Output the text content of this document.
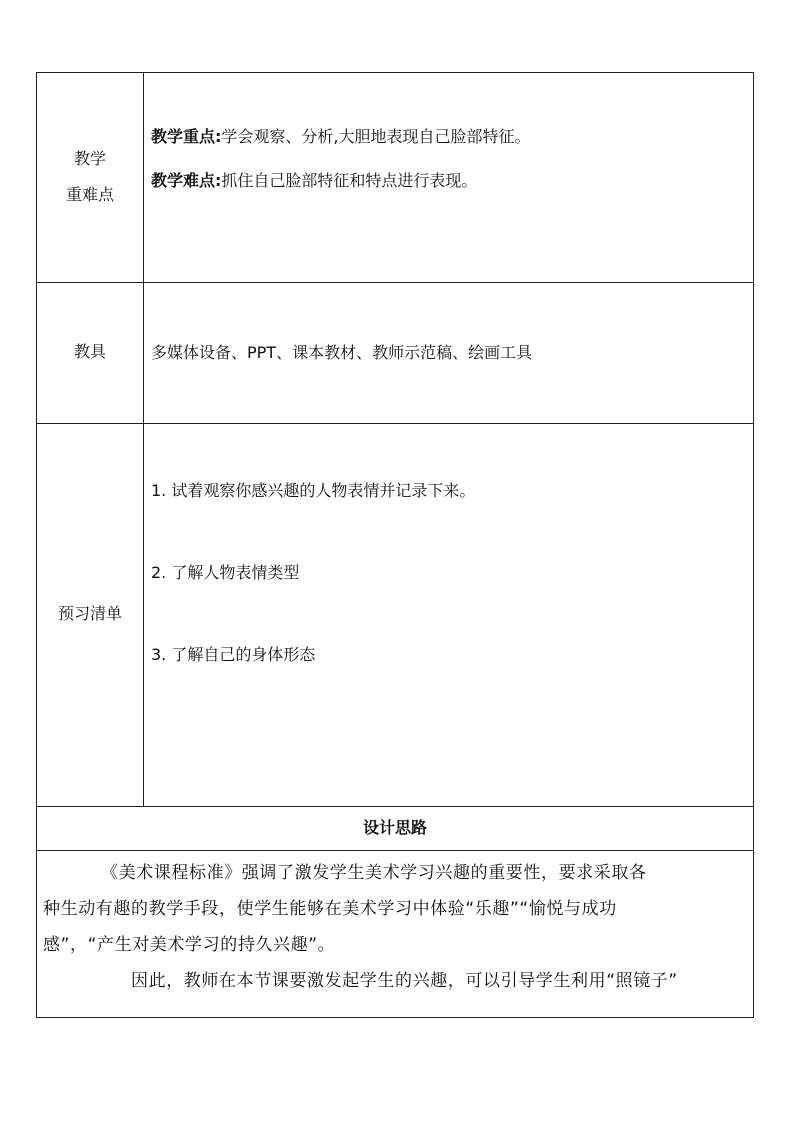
教学
重难点
教学重点:学会观察、分析,大胆地表现自己脸部特征。
教学难点:抓住自己脸部特征和特点进行表现。
教具	多媒体设备、PPT、课本教材、教师示范稿、绘画工具
预习清单
1. 试着观察你感兴趣的人物表情并记录下来。
2. 了解人物表情类型
3. 了解自己的身体形态
设计思路

《美术课程标准》强调了激发学生美术学习兴趣的重要性，要求采取各

种生动有趣的教学手段，使学生能够在美术学习中体验“乐趣”“愉悦与成功

感”，“产生对美术学习的持久兴趣”。

因此，教师在本节课要激发起学生的兴趣，可以引导学生利用“照镜子”
